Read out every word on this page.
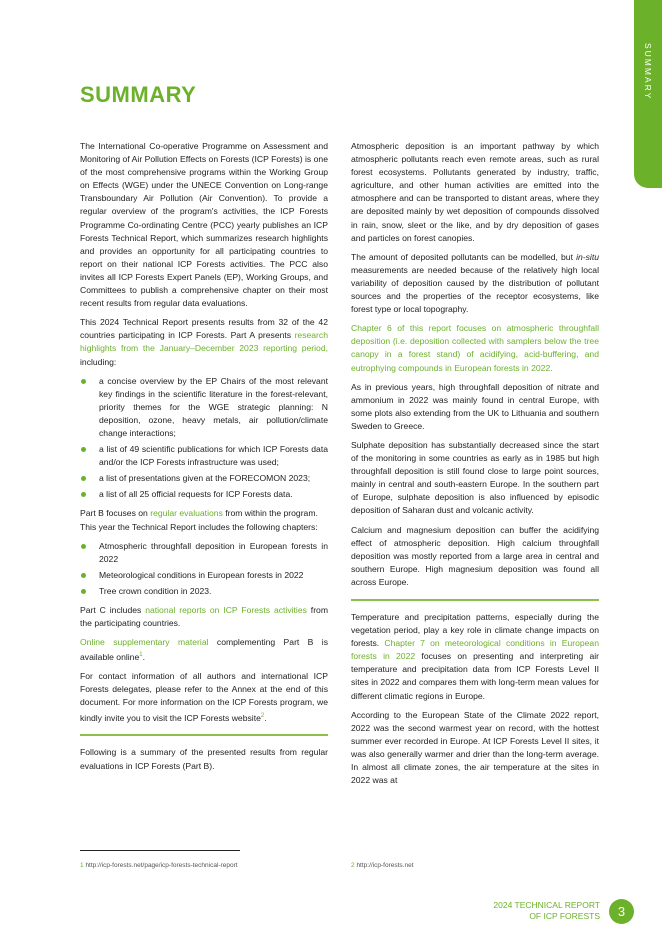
SUMMARY
SUMMARY

The International Co-operative Programme on Assessment and Monitoring of Air Pollution Effects on Forests (ICP Forests) is one of the most comprehensive programs within the Working Group on Effects (WGE) under the UNECE Convention on Long-range Transboundary Air Pollution (Air Convention). To provide a regular overview of the program's activities, the ICP Forests Programme Co-ordinating Centre (PCC) yearly publishes an ICP Forests Technical Report, which summarizes research highlights and provides an opportunity for all participating countries to report on their national ICP Forests activities. The PCC also invites all ICP Forests Expert Panels (EP), Working Groups, and Committees to publish a comprehensive chapter on their most recent results from regular data evaluations.

This 2024 Technical Report presents results from 32 of the 42 countries participating in ICP Forests. Part A presents research highlights from the January–December 2023 reporting period, including:

a concise overview by the EP Chairs of the most relevant key findings in the scientific literature in the forest-relevant, priority themes for the WGE strategic planning: N deposition, ozone, heavy metals, air pollution/climate change interactions;
a list of 49 scientific publications for which ICP Forests data and/or the ICP Forests infrastructure was used;
a list of presentations given at the FORECOMON 2023;
a list of all 25 official requests for ICP Forests data.

Part B focuses on regular evaluations from within the program. This year the Technical Report includes the following chapters:

Atmospheric throughfall deposition in European forests in 2022
Meteorological conditions in European forests in 2022
Tree crown condition in 2023.

Part C includes national reports on ICP Forests activities from the participating countries.

Online supplementary material complementing Part B is available online$^1$.

For contact information of all authors and international ICP Forests delegates, please refer to the Annex at the end of this document. For more information on the ICP Forests program, we kindly invite you to visit the ICP Forests website$^2$.

Following is a summary of the presented results from regular evaluations in ICP Forests (Part B).

Atmospheric deposition is an important pathway by which atmospheric pollutants reach even remote areas, such as rural forest ecosystems. Pollutants generated by industry, traffic, agriculture, and other human activities are emitted into the atmosphere and can be transported to distant areas, where they are deposited mainly by wet deposition of compounds dissolved in rain, snow, sleet or the like, and by dry deposition of gases and particles on forest canopies.

The amount of deposited pollutants can be modelled, but in-situ measurements are needed because of the relatively high local variability of deposition caused by the distribution of pollutant sources and the properties of the receptor ecosystems, like forest type or local topography.

Chapter 6 of this report focuses on atmospheric throughfall deposition (i.e. deposition collected with samplers below the tree canopy in a forest stand) of acidifying, acid-buffering, and eutrophying compounds in European forests in 2022.

As in previous years, high throughfall deposition of nitrate and ammonium in 2022 was mainly found in central Europe, with some plots also extending from the UK to Lithuania and southern Sweden to Greece.

Sulphate deposition has substantially decreased since the start of the monitoring in some countries as early as in 1985 but high throughfall deposition is still found close to large point sources, mainly in central and south-eastern Europe. In the southern part of Europe, sulphate deposition is also influenced by episodic deposition of Saharan dust and volcanic activity.

Calcium and magnesium deposition can buffer the acidifying effect of atmospheric deposition. High calcium throughfall deposition was mostly reported from a large area in central and southern Europe. High magnesium deposition was found all across Europe.

Temperature and precipitation patterns, especially during the vegetation period, play a key role in climate change impacts on forests. Chapter 7 on meteorological conditions in European forests in 2022 focuses on presenting and interpreting air temperature and precipitation data from ICP Forests Level II sites in 2022 and compares them with long-term mean values for different climatic regions in Europe.

According to the European State of the Climate 2022 report, 2022 was the second warmest year on record, with the hottest summer ever recorded in Europe. At ICP Forests Level II sites, it was also generally warmer and drier than the long-term average. In almost all climate zones, the air temperature at the sites in 2022 was at

1 http://icp-forests.net/page/icp-forests-technical-report	2 http://icp-forests.net
2024 TECHNICAL REPORT
OF ICP FORESTS	3
